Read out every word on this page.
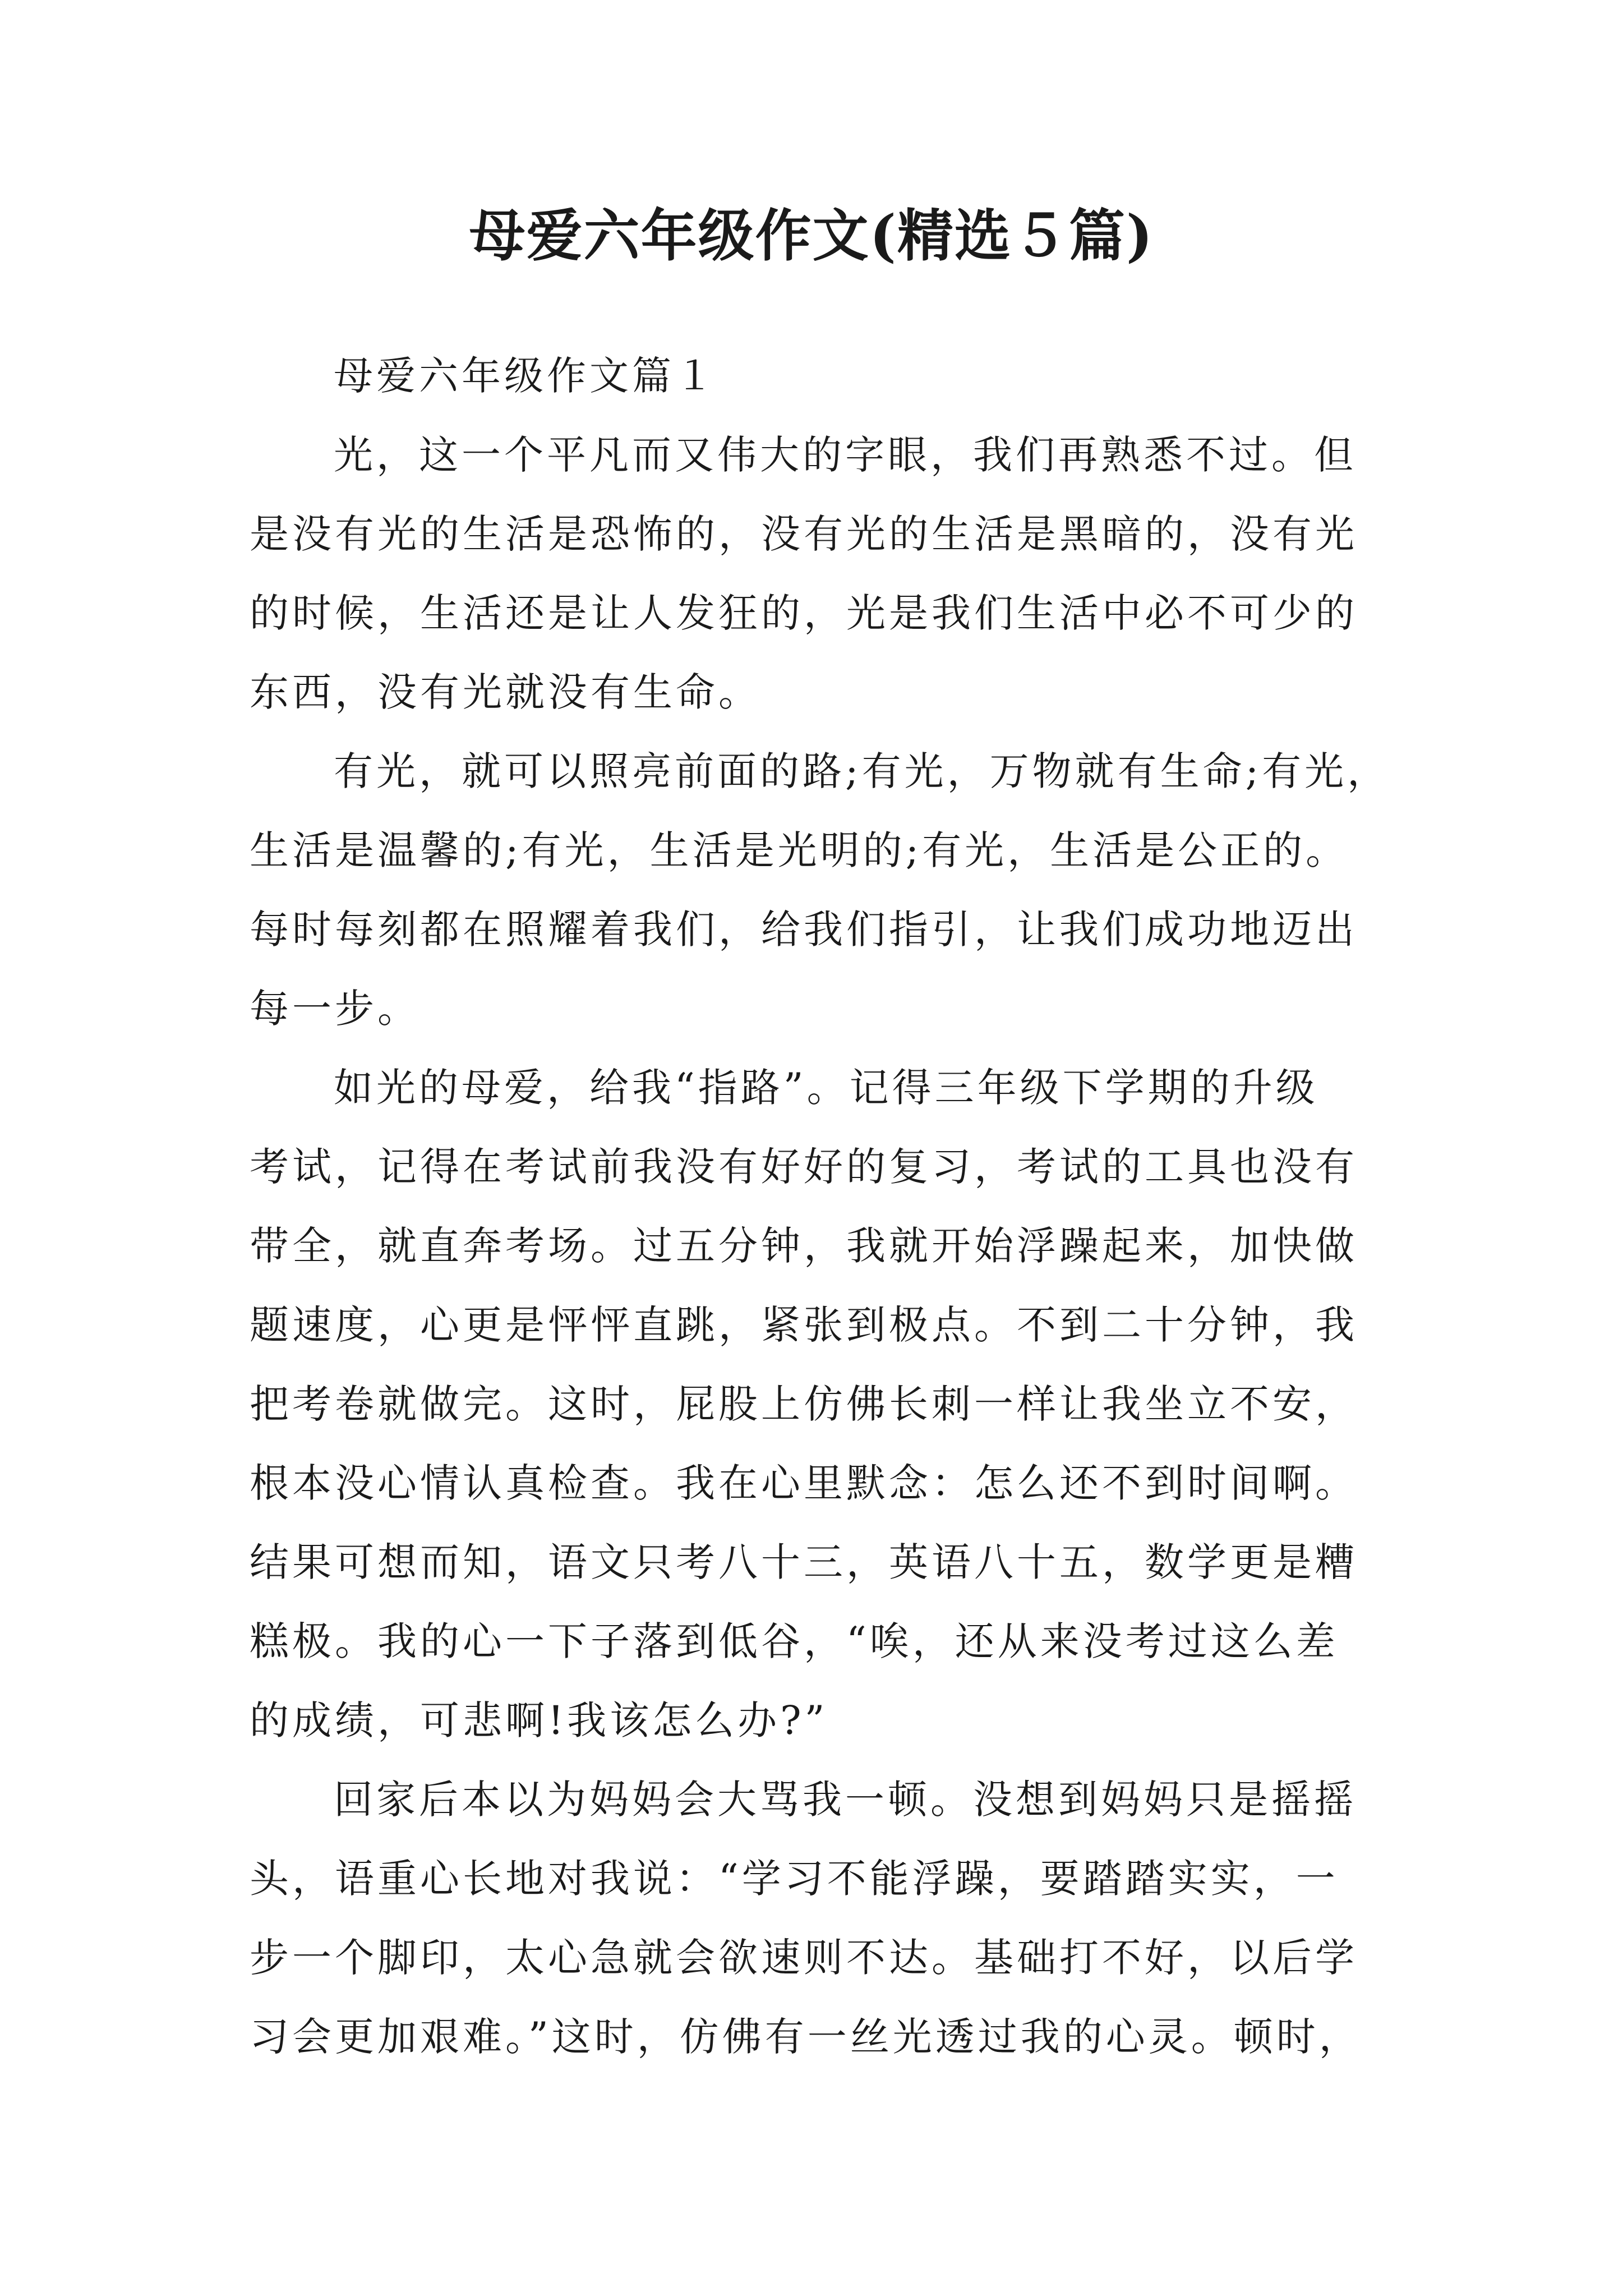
母爱六年级作文(精选５篇)
母爱六年级作文篇１
光，这一个平凡而又伟大的字眼，我们再熟悉不过。但
是没有光的生活是恐怖的，没有光的生活是黑暗的，没有光
的时候，生活还是让人发狂的，光是我们生活中必不可少的
东西，没有光就没有生命。
有光，就可以照亮前面的路;有光，万物就有生命;有光，
生活是温馨的;有光，生活是光明的;有光，生活是公正的。
每时每刻都在照耀着我们，给我们指引，让我们成功地迈出
每一步。
如光的母爱，给我“指路”。记得三年级下学期的升级
考试，记得在考试前我没有好好的复习，考试的工具也没有
带全，就直奔考场。过五分钟，我就开始浮躁起来，加快做
题速度，心更是怦怦直跳，紧张到极点。不到二十分钟，我
把考卷就做完。这时，屁股上仿佛长刺一样让我坐立不安，
根本没心情认真检查。我在心里默念：怎么还不到时间啊。
结果可想而知，语文只考八十三，英语八十五，数学更是糟
糕极。我的心一下子落到低谷，“唉，还从来没考过这么差
的成绩，可悲啊!我该怎么办?”
回家后本以为妈妈会大骂我一顿。没想到妈妈只是摇摇
头，语重心长地对我说：“学习不能浮躁，要踏踏实实，一
步一个脚印，太心急就会欲速则不达。基础打不好，以后学
习会更加艰难。”这时，仿佛有一丝光透过我的心灵。顿时，
